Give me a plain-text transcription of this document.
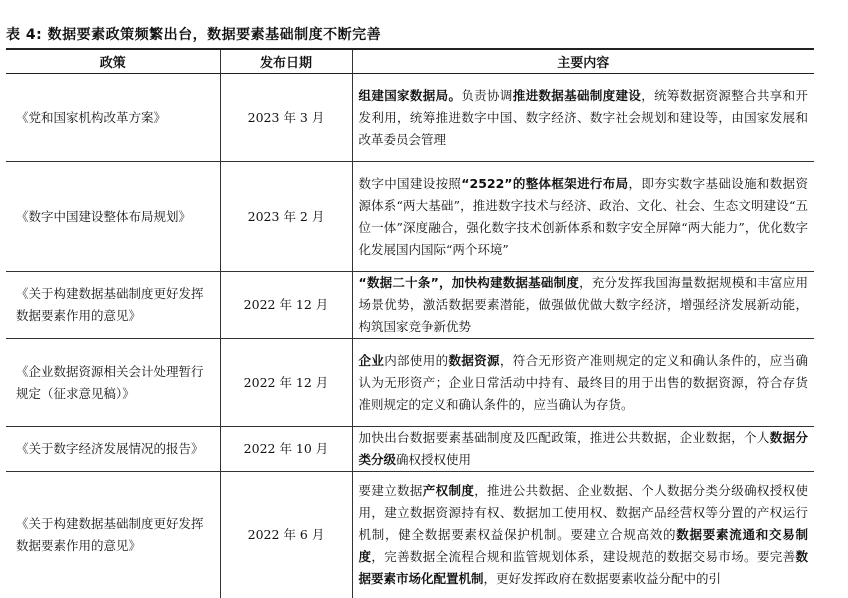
表 4: 数据要素政策频繁出台，数据要素基础制度不断完善
政策	发布日期	主要内容
《党和国家机构改革方案》	2023 年 3 月	组建国家数据局。负责协调推进数据基础制度建设，统筹数据资源整合共享和开发利用，统筹推进数字中国、数字经济、数字社会规划和建设等，由国家发展和改革委员会管理
《数字中国建设整体布局规划》	2023 年 2 月	数字中国建设按照“2522”的整体框架进行布局，即夯实数字基础设施和数据资源体系“两大基础”，推进数字技术与经济、政治、文化、社会、生态文明建设“五位一体”深度融合，强化数字技术创新体系和数字安全屏障“两大能力”，优化数字化发展国内国际“两个环境”
《关于构建数据基础制度更好发挥数据要素作用的意见》	2022 年 12 月	“数据二十条”，加快构建数据基础制度，充分发挥我国海量数据规模和丰富应用场景优势，激活数据要素潜能，做强做优做大数字经济，增强经济发展新动能，构筑国家竞争新优势
《企业数据资源相关会计处理暂行规定（征求意见稿）》	2022 年 12 月	企业内部使用的数据资源，符合无形资产准则规定的定义和确认条件的，应当确认为无形资产；企业日常活动中持有、最终目的用于出售的数据资源，符合存货准则规定的定义和确认条件的，应当确认为存货。
《关于数字经济发展情况的报告》	2022 年 10 月	加快出台数据要素基础制度及匹配政策，推进公共数据，企业数据，个人数据分类分级确权授权使用
《关于构建数据基础制度更好发挥数据要素作用的意见》	2022 年 6 月	要建立数据产权制度，推进公共数据、企业数据、个人数据分类分级确权授权使用，建立数据资源持有权、数据加工使用权、数据产品经营权等分置的产权运行机制，健全数据要素权益保护机制。要建立合规高效的数据要素流通和交易制度，完善数据全流程合规和监管规划体系，建设规范的数据交易市场。要完善数据要素市场化配置机制，更好发挥政府在数据要素收益分配中的引
